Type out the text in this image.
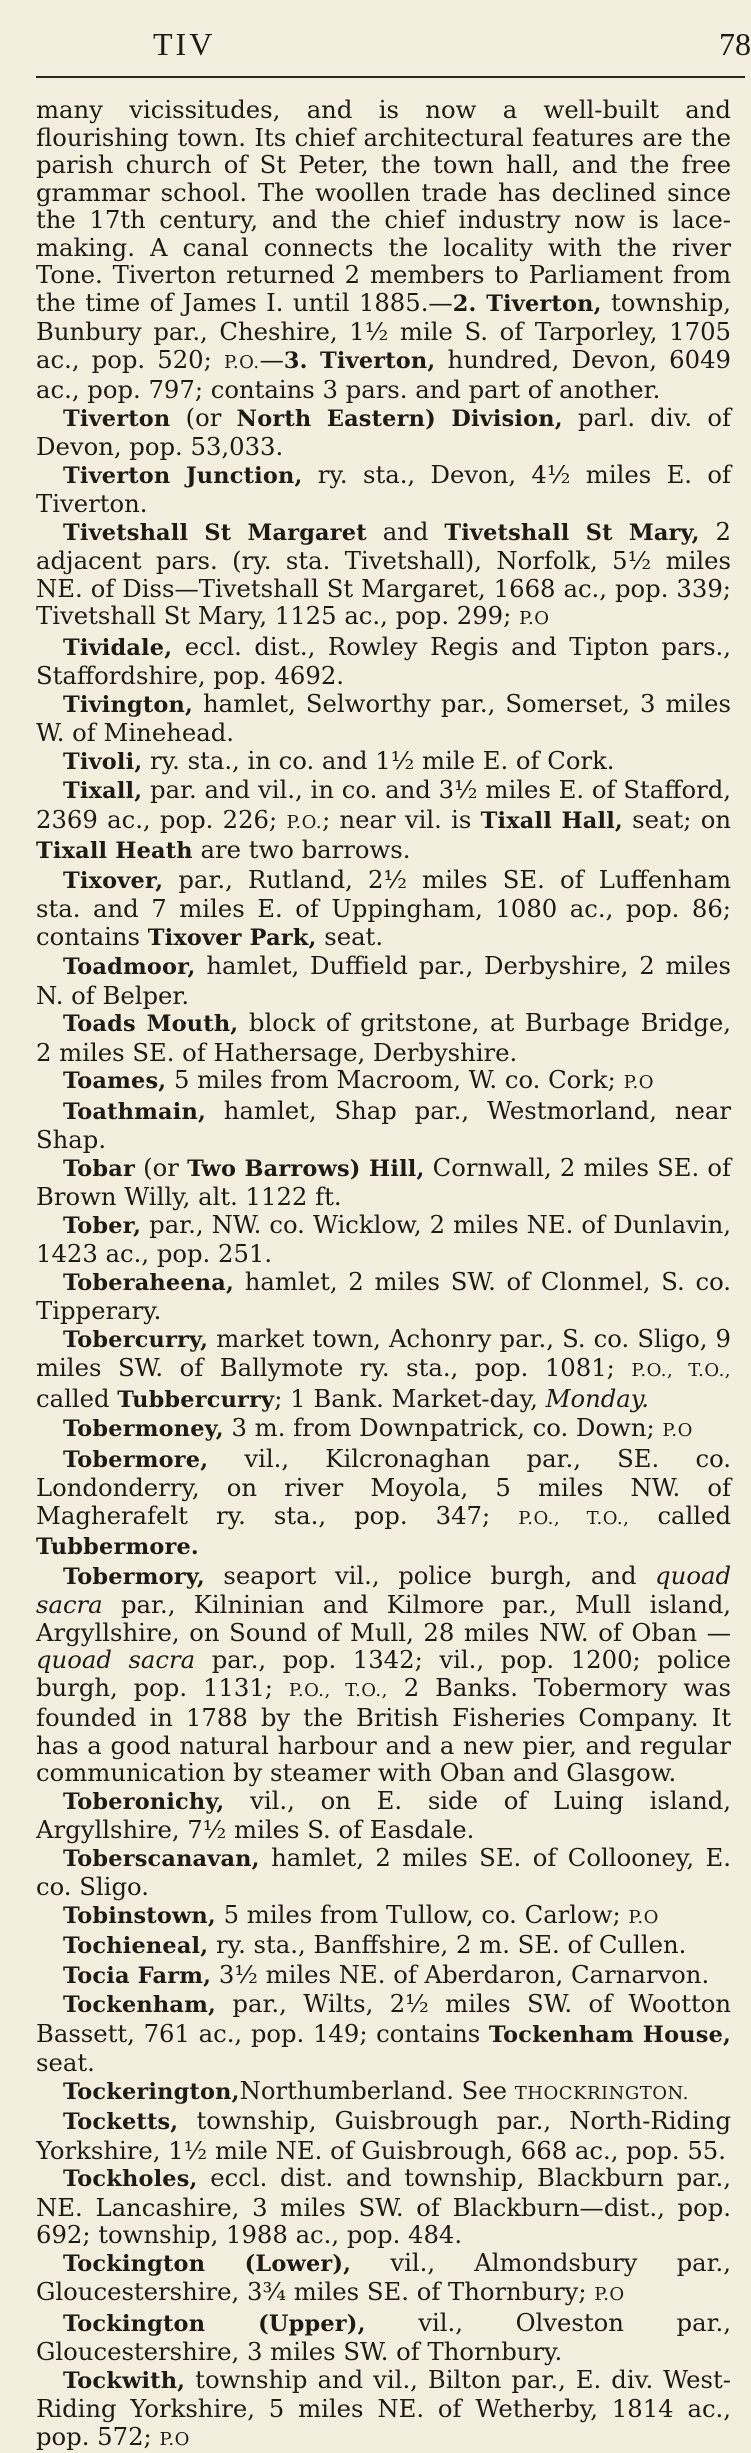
TIV	78

many vicissitudes, and is now a well-built and flourishing town. Its chief architectural features are the parish church of St Peter, the town hall, and the free grammar school. The woollen trade has declined since the 17th century, and the chief industry now is lace-making. A canal connects the locality with the river Tone. Tiverton returned 2 members to Parliament from the time of James I. until 1885.—2. Tiverton, township, Bunbury par., Cheshire, 1½ mile S. of Tarporley, 1705 ac., pop. 520; P.O.—3. Tiverton, hundred, Devon, 6049 ac., pop. 797; contains 3 pars. and part of another.

Tiverton (or North Eastern) Division, parl. div. of Devon, pop. 53,033.

Tiverton Junction, ry. sta., Devon, 4½ miles E. of Tiverton.

Tivetshall St Margaret and Tivetshall St Mary, 2 adjacent pars. (ry. sta. Tivetshall), Norfolk, 5½ miles NE. of Diss—Tivetshall St Margaret, 1668 ac., pop. 339; Tivetshall St Mary, 1125 ac., pop. 299; P.O

Tividale, eccl. dist., Rowley Regis and Tipton pars., Staffordshire, pop. 4692.

Tivington, hamlet, Selworthy par., Somerset, 3 miles W. of Minehead.

Tivoli, ry. sta., in co. and 1½ mile E. of Cork.

Tixall, par. and vil., in co. and 3½ miles E. of Stafford, 2369 ac., pop. 226; P.O.; near vil. is Tixall Hall, seat; on Tixall Heath are two barrows.

Tixover, par., Rutland, 2½ miles SE. of Luffenham sta. and 7 miles E. of Uppingham, 1080 ac., pop. 86; contains Tixover Park, seat.

Toadmoor, hamlet, Duffield par., Derbyshire, 2 miles N. of Belper.

Toads Mouth, block of gritstone, at Burbage Bridge, 2 miles SE. of Hathersage, Derbyshire.

Toames, 5 miles from Macroom, W. co. Cork; P.O

Toathmain, hamlet, Shap par., Westmorland, near Shap.

Tobar (or Two Barrows) Hill, Cornwall, 2 miles SE. of Brown Willy, alt. 1122 ft.

Tober, par., NW. co. Wicklow, 2 miles NE. of Dunlavin, 1423 ac., pop. 251.

Toberaheena, hamlet, 2 miles SW. of Clonmel, S. co. Tipperary.

Tobercurry, market town, Achonry par., S. co. Sligo, 9 miles SW. of Ballymote ry. sta., pop. 1081; P.O., T.O., called Tubbercurry; 1 Bank. Market-day, Monday.

Tobermoney, 3 m. from Downpatrick, co. Down; P.O

Tobermore, vil., Kilcronaghan par., SE. co. Londonderry, on river Moyola, 5 miles NW. of Magherafelt ry. sta., pop. 347; P.O., T.O., called Tubbermore.

Tobermory, seaport vil., police burgh, and quoad sacra par., Kilninian and Kilmore par., Mull island, Argyllshire, on Sound of Mull, 28 miles NW. of Oban —quoad sacra par., pop. 1342; vil., pop. 1200; police burgh, pop. 1131; P.O., T.O., 2 Banks. Tobermory was founded in 1788 by the British Fisheries Company. It has a good natural harbour and a new pier, and regular communication by steamer with Oban and Glasgow.

Toberonichy, vil., on E. side of Luing island, Argyllshire, 7½ miles S. of Easdale.

Toberscanavan, hamlet, 2 miles SE. of Collooney, E. co. Sligo.

Tobinstown, 5 miles from Tullow, co. Carlow; P.O

Tochieneal, ry. sta., Banffshire, 2 m. SE. of Cullen.

Tocia Farm, 3½ miles NE. of Aberdaron, Carnarvon.

Tockenham, par., Wilts, 2½ miles SW. of Wootton Bassett, 761 ac., pop. 149; contains Tockenham House, seat.

Tockerington,Northumberland. See THOCKRINGTON.

Tocketts, township, Guisbrough par., North-Riding Yorkshire, 1½ mile NE. of Guisbrough, 668 ac., pop. 55.

Tockholes, eccl. dist. and township, Blackburn par., NE. Lancashire, 3 miles SW. of Blackburn—dist., pop. 692; township, 1988 ac., pop. 484.

Tockington (Lower), vil., Almondsbury par., Gloucestershire, 3¾ miles SE. of Thornbury; P.O

Tockington (Upper), vil., Olveston par., Gloucestershire, 3 miles SW. of Thornbury.

Tockwith, township and vil., Bilton par., E. div. West-Riding Yorkshire, 5 miles NE. of Wetherby, 1814 ac., pop. 572; P.O
